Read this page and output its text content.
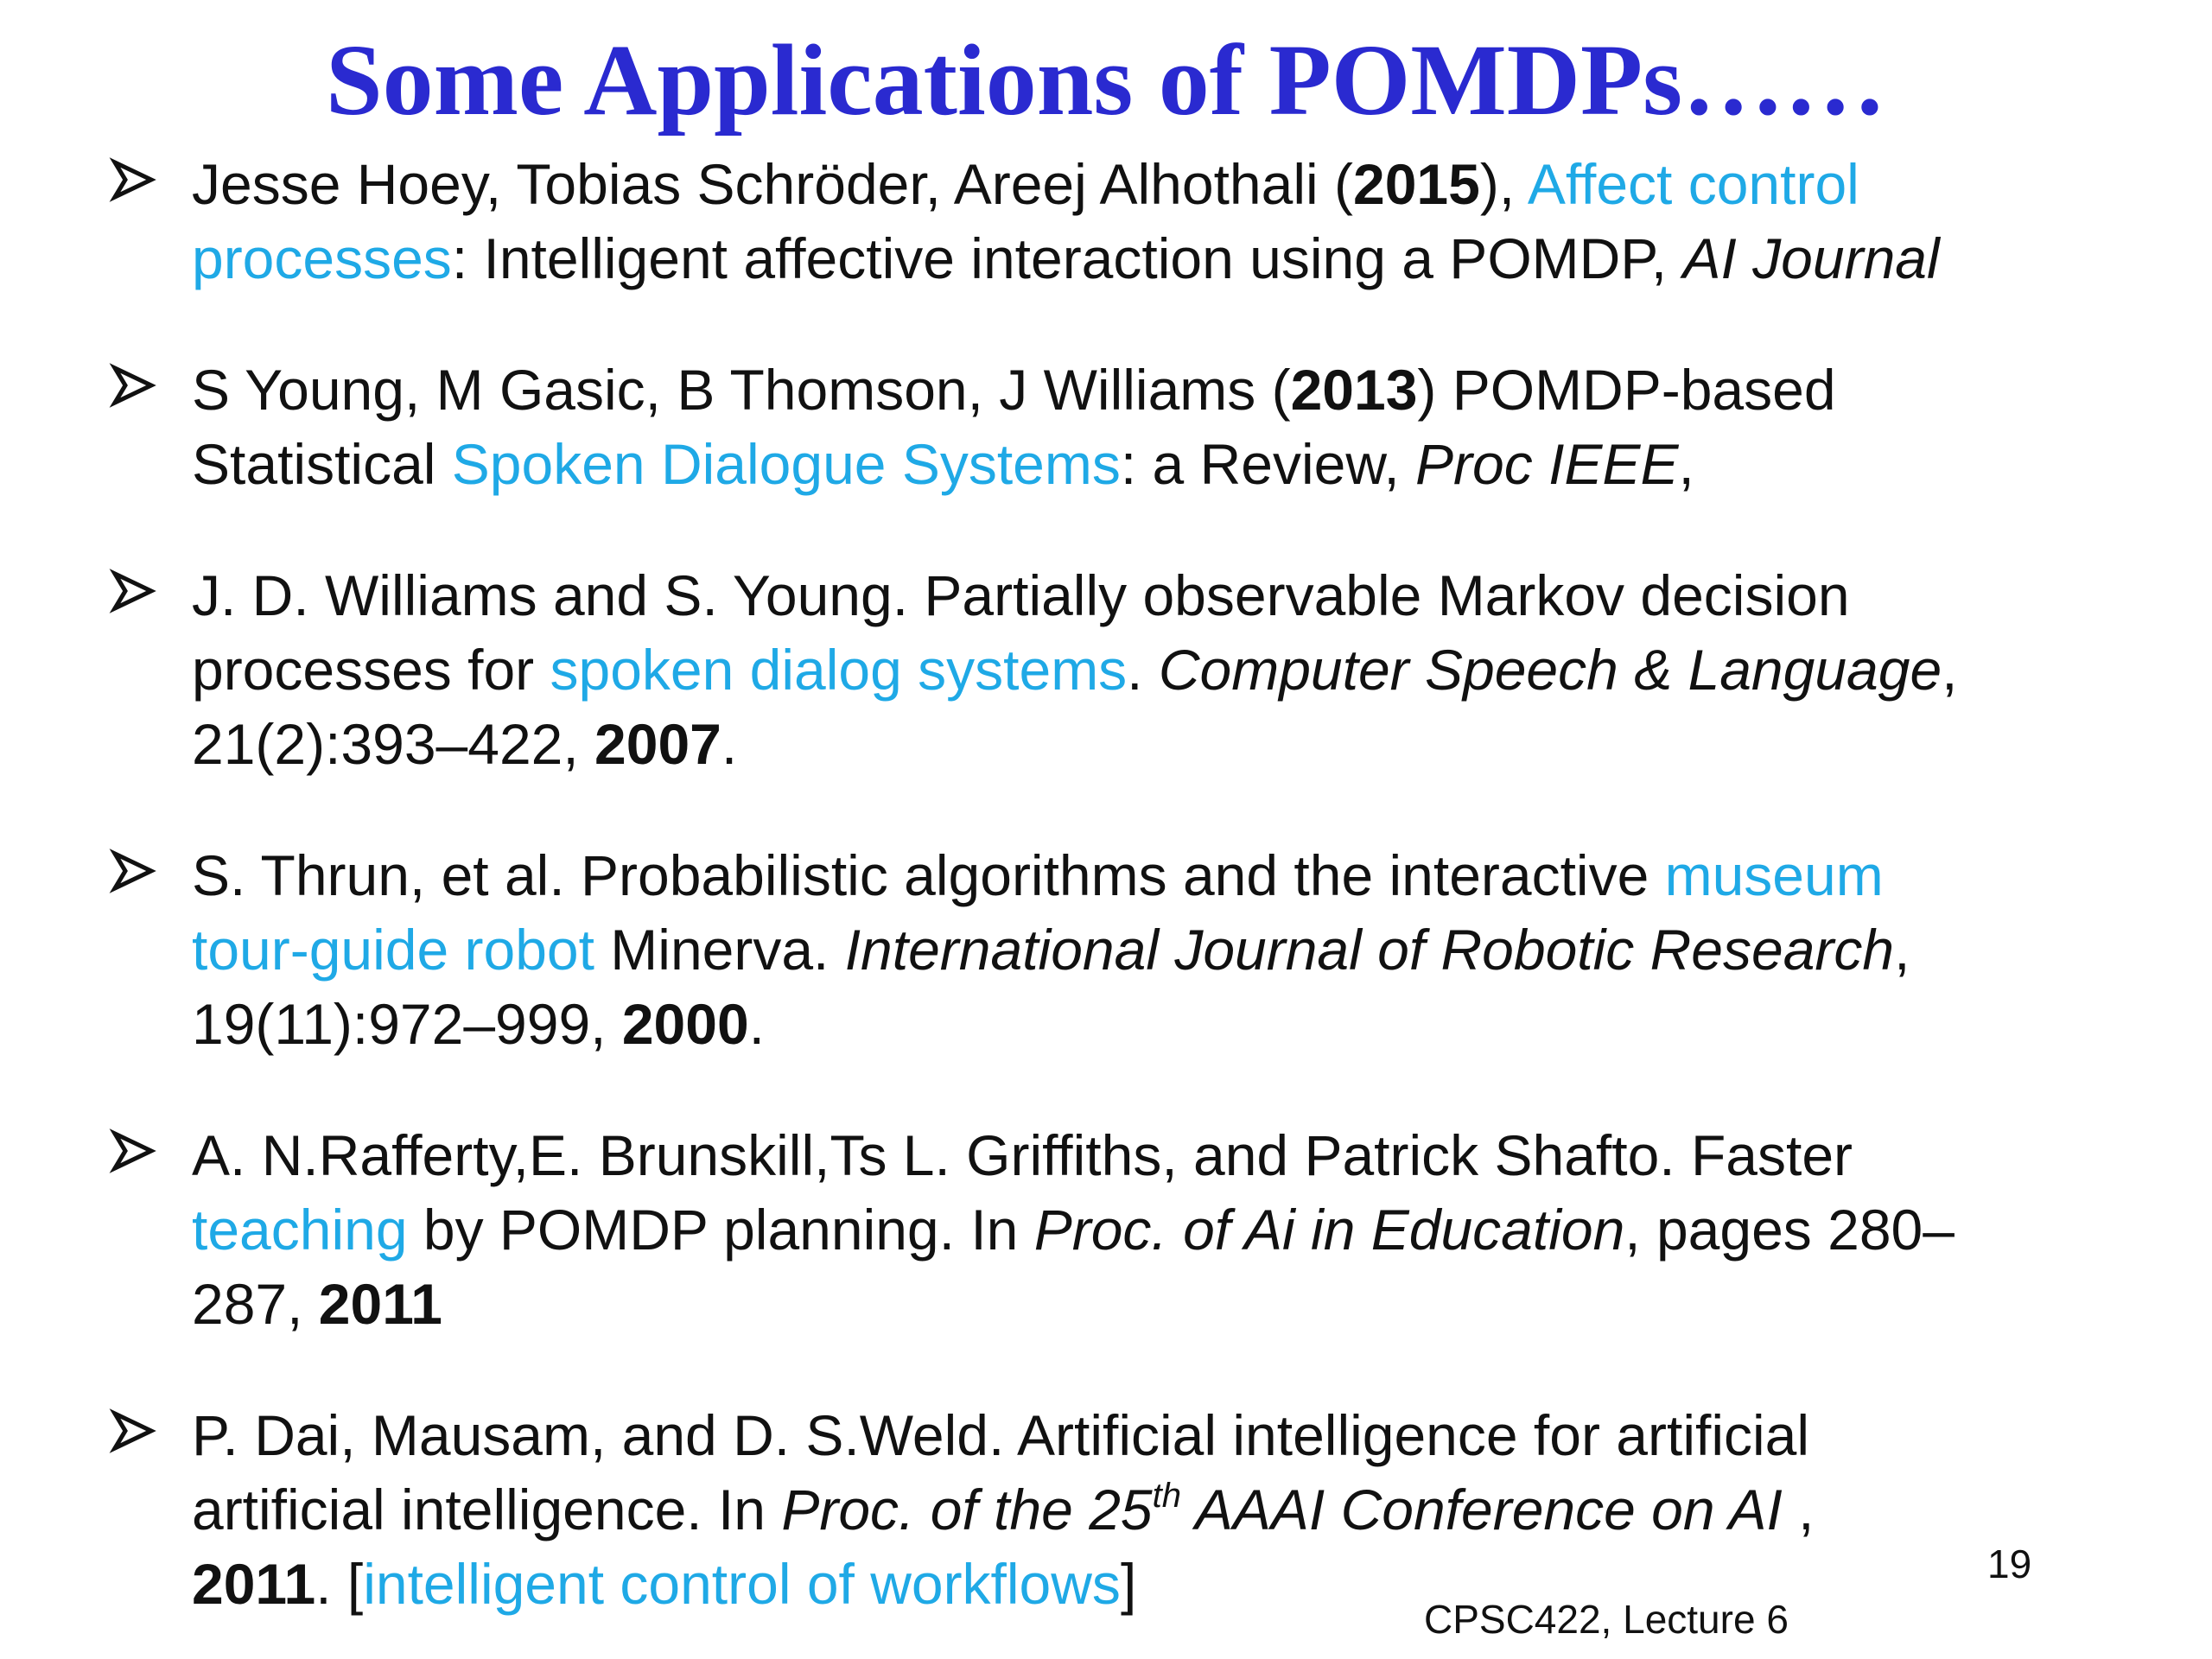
Some Applications of POMDPs……
Jesse Hoey, Tobias Schröder, Areej Alhothali (2015), Affect control
processes: Intelligent affective interaction using a POMDP, AI Journal
S Young, M Gasic, B Thomson, J Williams (2013) POMDP-based
Statistical Spoken Dialogue Systems: a Review, Proc IEEE,
J. D. Williams and S. Young. Partially observable Markov decision
processes for spoken dialog systems. Computer Speech & Language,
21(2):393–422, 2007.
S. Thrun, et al. Probabilistic algorithms and the interactive museum
tour-guide robot Minerva. International Journal of Robotic Research,
19(11):972–999, 2000.
A. N.Rafferty,E. Brunskill,Ts L. Griffiths, and Patrick Shafto. Faster
teaching by POMDP planning. In Proc. of Ai in Education, pages 280–
287, 2011
P. Dai, Mausam, and D. S.Weld. Artificial intelligence for artificial
artificial intelligence. In Proc. of the 25th AAAI Conference on AI ,
2011. [intelligent control of workflows]	19
CPSC422, Lecture 6
